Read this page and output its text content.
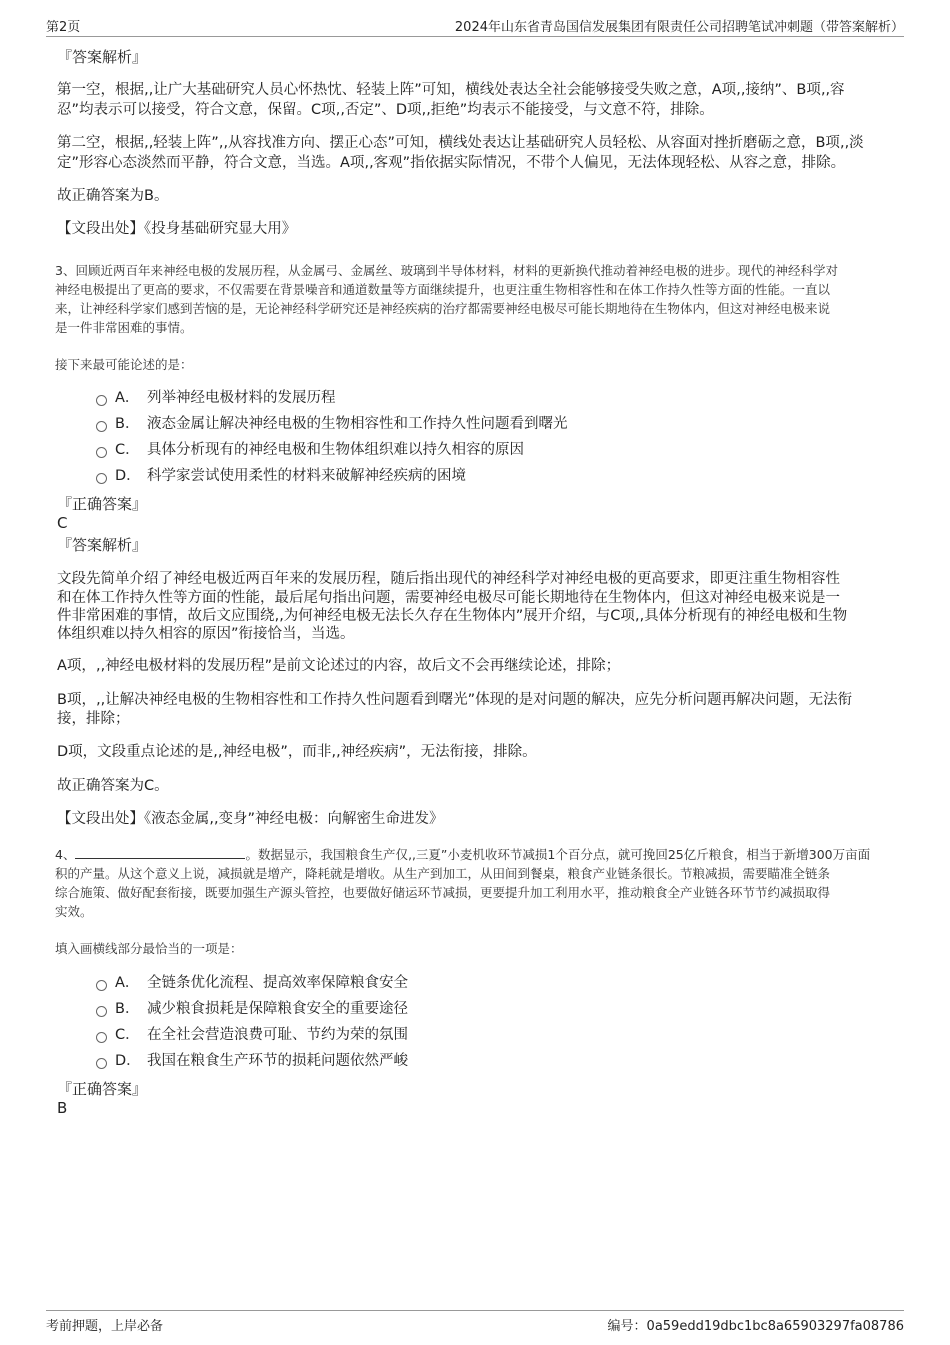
第2页	2024年山东省青岛国信发展集团有限责任公司招聘笔试冲刺题（带答案解析）
『答案解析』
第一空，根据‚‚让广大基础研究人员心怀热忱、轻装上阵”可知，横线处表达全社会能够接受失败之意，A项‚‚接纳”、B项‚‚容
忍”均表示可以接受，符合文意，保留。C项‚‚否定”、D项‚‚拒绝”均表示不能接受，与文意不符，排除。
第二空，根据‚‚轻装上阵”‚‚从容找准方向、摆正心态”可知，横线处表达让基础研究人员轻松、从容面对挫折磨砺之意，B项‚‚淡
定”形容心态淡然而平静，符合文意，当选。A项‚‚客观”指依据实际情况，不带个人偏见，无法体现轻松、从容之意，排除。
故正确答案为B。
【文段出处】《投身基础研究显大用》
3、回顾近两百年来神经电极的发展历程，从金属弓、金属丝、玻璃到半导体材料，材料的更新换代推动着神经电极的进步。现代的神经科学对
神经电极提出了更高的要求，不仅需要在背景噪音和通道数量等方面继续提升，也更注重生物相容性和在体工作持久性等方面的性能。一直以
来，让神经科学家们感到苦恼的是，无论神经科学研究还是神经疾病的治疗都需要神经电极尽可能长期地待在生物体内，但这对神经电极来说
是一件非常困难的事情。
接下来最可能论述的是：
A． 列举神经电极材料的发展历程
B． 液态金属让解决神经电极的生物相容性和工作持久性问题看到曙光
C． 具体分析现有的神经电极和生物体组织难以持久相容的原因
D． 科学家尝试使用柔性的材料来破解神经疾病的困境
『正确答案』
C
『答案解析』
文段先简单介绍了神经电极近两百年来的发展历程，随后指出现代的神经科学对神经电极的更高要求，即更注重生物相容性
和在体工作持久性等方面的性能，最后尾句指出问题，需要神经电极尽可能长期地待在生物体内，但这对神经电极来说是一
件非常困难的事情，故后文应围绕‚‚为何神经电极无法长久存在生物体内”展开介绍，与C项‚‚具体分析现有的神经电极和生物
体组织难以持久相容的原因”衔接恰当，当选。
A项，‚‚神经电极材料的发展历程”是前文论述过的内容，故后文不会再继续论述，排除；
B项，‚‚让解决神经电极的生物相容性和工作持久性问题看到曙光”体现的是对问题的解决，应先分析问题再解决问题，无法衔
接，排除；
D项，文段重点论述的是‚‚神经电极”，而非‚‚神经疾病”，无法衔接，排除。
故正确答案为C。
【文段出处】《液态金属‚‚变身”神经电极：向解密生命进发》
4、	。数据显示，我国粮食生产仅‚‚三夏”小麦机收环节减损1个百分点，就可挽回25亿斤粮食，相当于新增300万亩面
积的产量。从这个意义上说，减损就是增产，降耗就是增收。从生产到加工，从田间到餐桌，粮食产业链条很长。节粮减损，需要瞄准全链条
综合施策、做好配套衔接，既要加强生产源头管控，也要做好储运环节减损，更要提升加工利用水平，推动粮食全产业链各环节节约减损取得
实效。
填入画横线部分最恰当的一项是：
A． 全链条优化流程、提高效率保障粮食安全
B． 减少粮食损耗是保障粮食安全的重要途径
C． 在全社会营造浪费可耻、节约为荣的氛围
D． 我国在粮食生产环节的损耗问题依然严峻
『正确答案』
B
考前押题，上岸必备	编号：0a59edd19dbc1bc8a65903297fa08786
